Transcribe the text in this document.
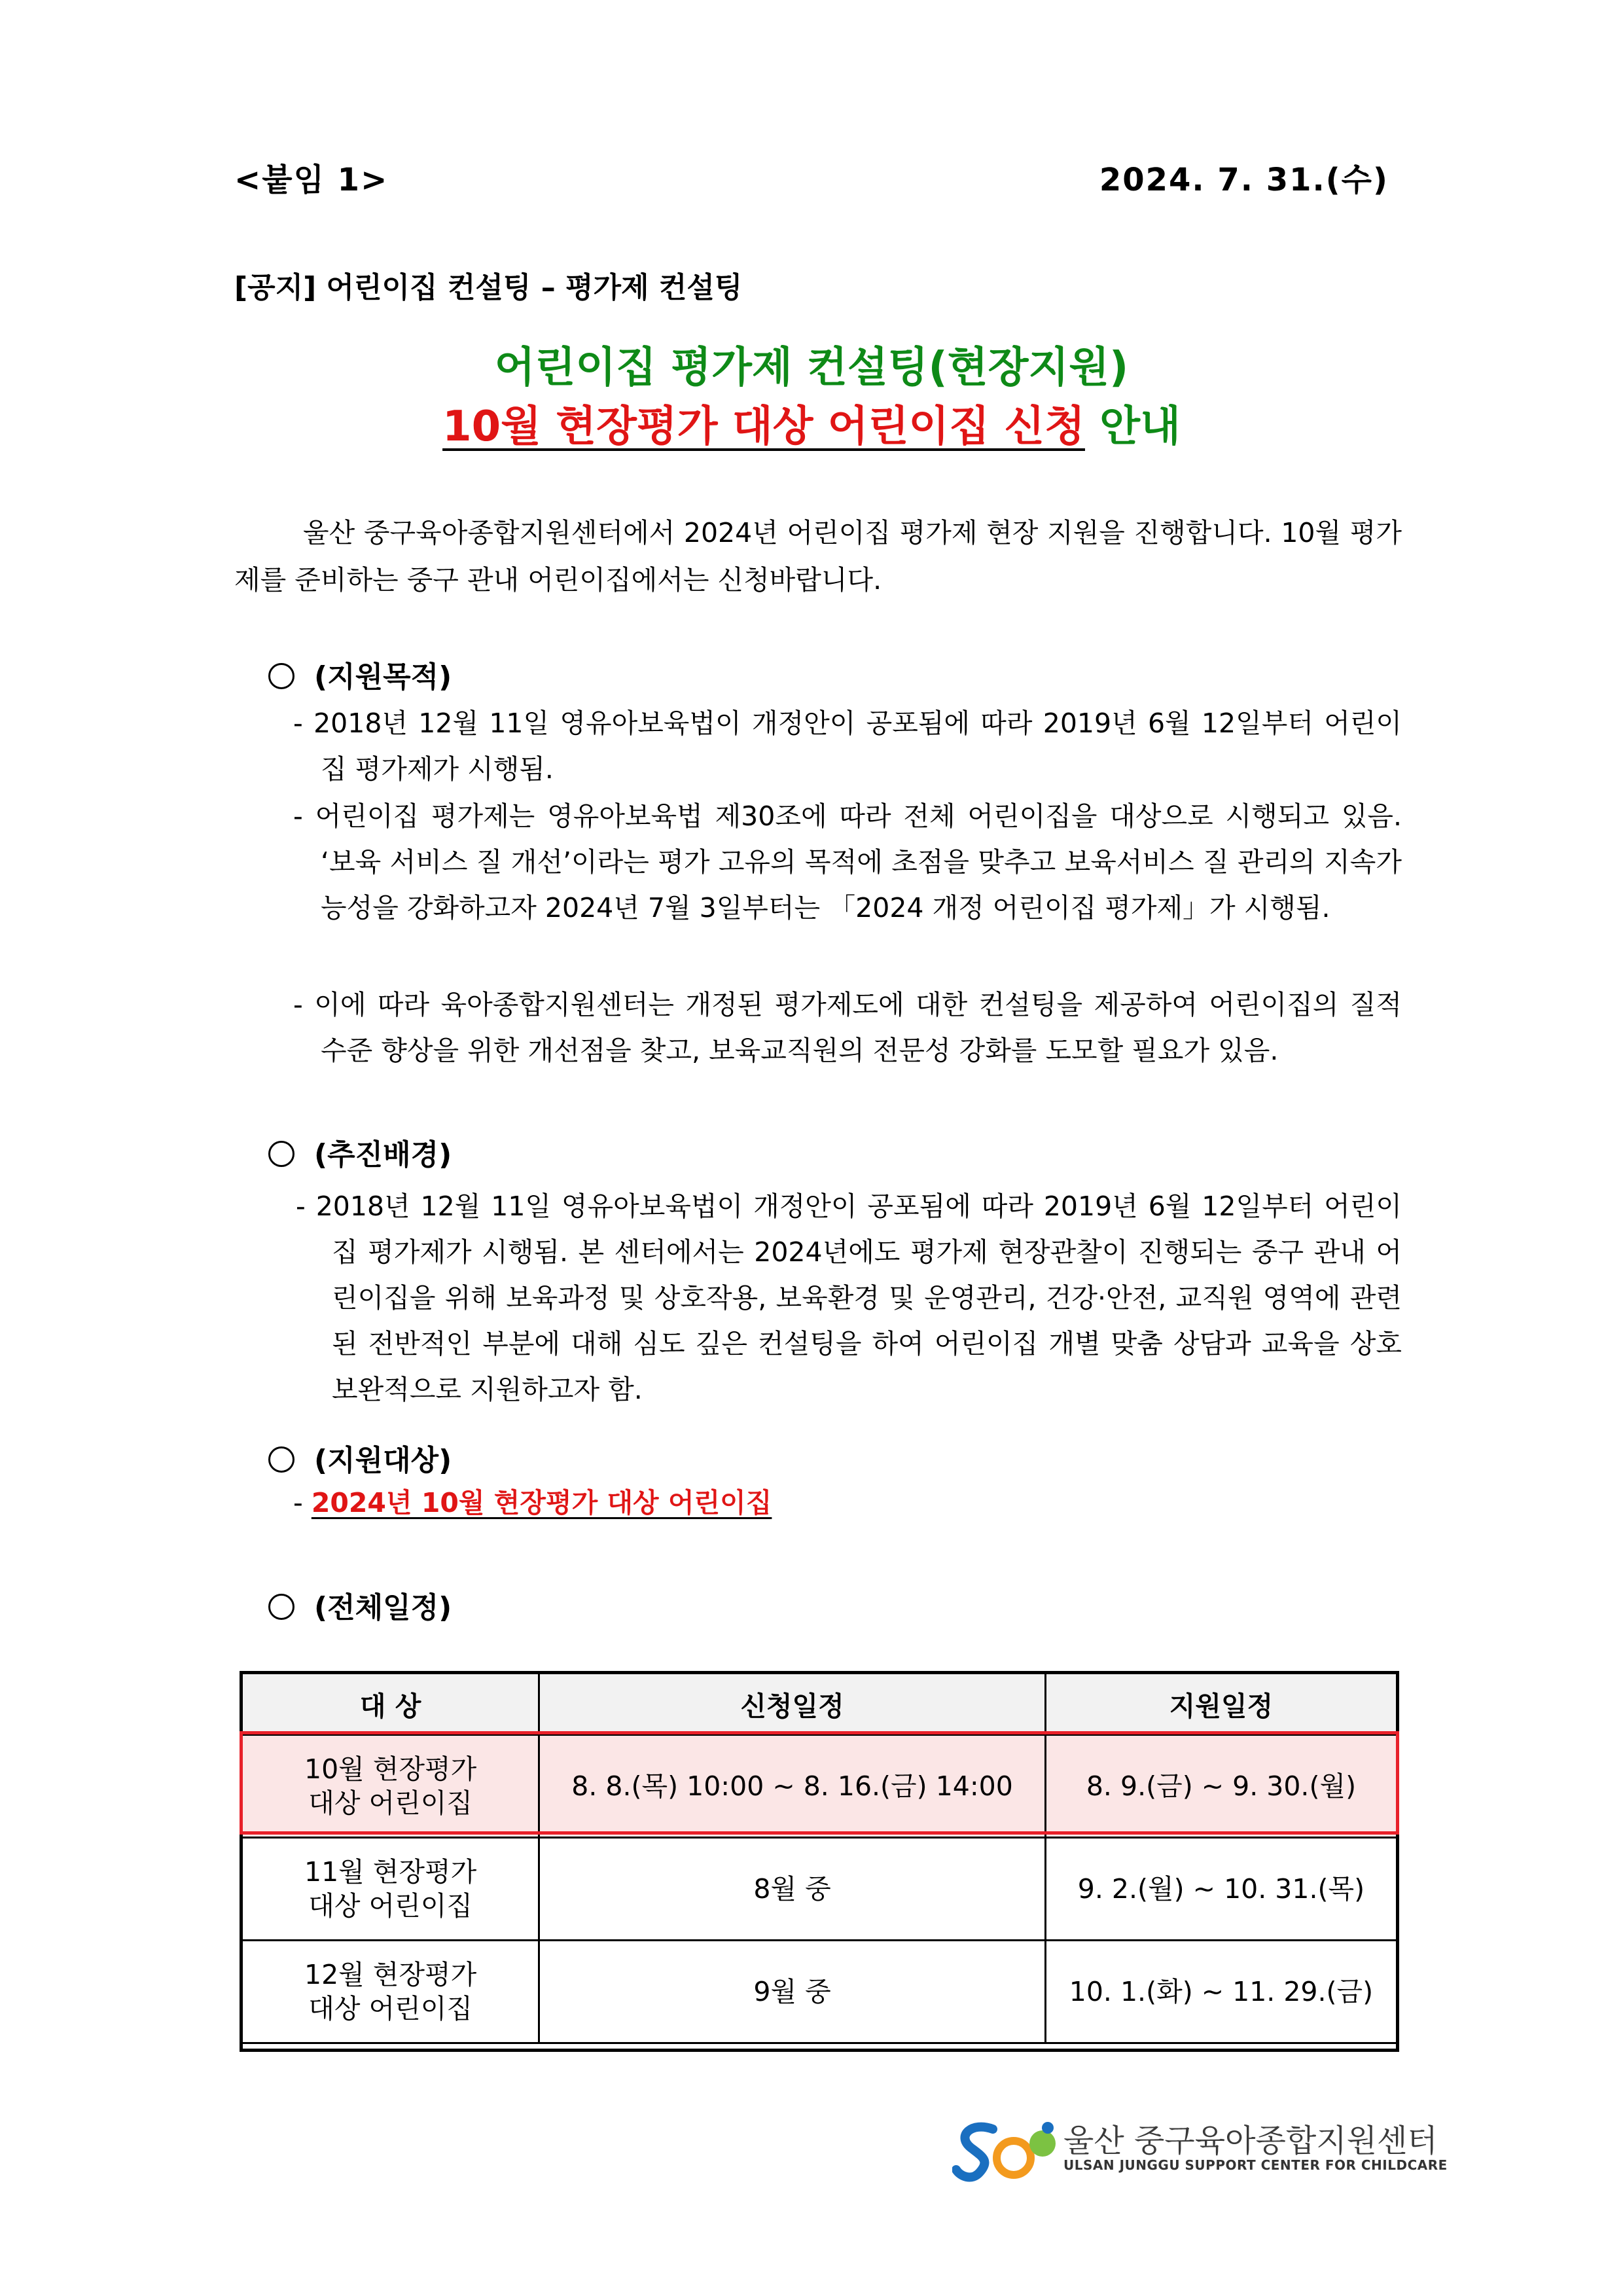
<붙임 1>	2024. 7. 31.(수)
[공지] 어린이집 컨설팅 – 평가제 컨설팅
어린이집 평가제 컨설팅(현장지원)
10월 현장평가 대상 어린이집 신청 안내
울산 중구육아종합지원센터에서 2024년 어린이집 평가제 현장 지원을 진행합니다. 10월 평가제를 준비하는 중구 관내 어린이집에서는 신청바랍니다.
(지원목적)
- 2018년 12월 11일 영유아보육법이 개정안이 공포됨에 따라 2019년 6월 12일부터 어린이집 평가제가 시행됨.
- 어린이집 평가제는 영유아보육법 제30조에 따라 전체 어린이집을 대상으로 시행되고 있음. ‘보육 서비스 질 개선’이라는 평가 고유의 목적에 초점을 맞추고 보육서비스 질 관리의 지속가능성을 강화하고자 2024년 7월 3일부터는 「2024 개정 어린이집 평가제」가 시행됨.
- 이에 따라 육아종합지원센터는 개정된 평가제도에 대한 컨설팅을 제공하여 어린이집의 질적 수준 향상을 위한 개선점을 찾고, 보육교직원의 전문성 강화를 도모할 필요가 있음.
(추진배경)
- 2018년 12월 11일 영유아보육법이 개정안이 공포됨에 따라 2019년 6월 12일부터 어린이집 평가제가 시행됨. 본 센터에서는 2024년에도 평가제 현장관찰이 진행되는 중구 관내 어린이집을 위해 보육과정 및 상호작용, 보육환경 및 운영관리, 건강·안전, 교직원 영역에 관련된 전반적인 부분에 대해 심도 깊은 컨설팅을 하여 어린이집 개별 맞춤 상담과 교육을 상호 보완적으로 지원하고자 함.
(지원대상)
- 2024년 10월 현장평가 대상 어린이집
(전체일정)
대 상	신청일정	지원일정
10월 현장평가
대상 어린이집	8. 8.(목) 10:00 ~ 8. 16.(금) 14:00	8. 9.(금) ~ 9. 30.(월)
11월 현장평가
대상 어린이집	8월 중	9. 2.(월) ~ 10. 31.(목)
12월 현장평가
대상 어린이집	9월 중	10. 1.(화) ~ 11. 29.(금)
울산 중구육아종합지원센터
ULSAN JUNGGU SUPPORT CENTER FOR CHILDCARE
